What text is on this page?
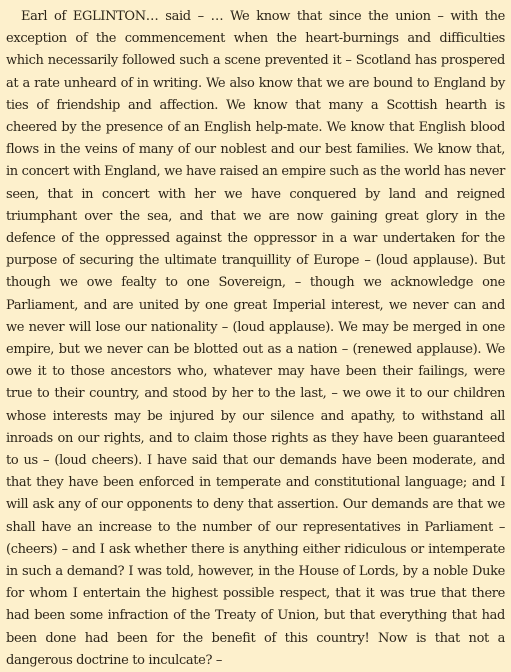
Earl of EGLINTON… said – … We know that since the union – with the exception of the commencement when the heart-burnings and difficulties which necessarily followed such a scene prevented it – Scotland has prospered at a rate unheard of in writing. We also know that we are bound to England by ties of friendship and affection. We know that many a Scottish hearth is cheered by the presence of an English help-mate. We know that English blood flows in the veins of many of our noblest and our best families. We know that, in concert with England, we have raised an empire such as the world has never seen, that in concert with her we have conquered by land and reigned triumphant over the sea, and that we are now gaining great glory in the defence of the oppressed against the oppressor in a war undertaken for the purpose of securing the ultimate tranquillity of Europe – (loud applause). But though we owe fealty to one Sovereign, – though we acknowledge one Parliament, and are united by one great Imperial interest, we never can and we never will lose our nationality – (loud applause). We may be merged in one empire, but we never can be blotted out as a nation – (renewed applause). We owe it to those ancestors who, whatever may have been their failings, were true to their country, and stood by her to the last, – we owe it to our children whose interests may be injured by our silence and apathy, to withstand all inroads on our rights, and to claim those rights as they have been guaranteed to us – (loud cheers). I have said that our demands have been moderate, and that they have been enforced in temperate and constitutional language; and I will ask any of our opponents to deny that assertion. Our demands are that we shall have an increase to the number of our representatives in Parliament – (cheers) – and I ask whether there is anything either ridiculous or intemperate in such a demand? I was told, however, in the House of Lords, by a noble Duke for whom I entertain the highest possible respect, that it was true that there had been some infraction of the Treaty of Union, but that everything that had been done had been for the benefit of this country! Now is that not a dangerous doctrine to inculcate? –
